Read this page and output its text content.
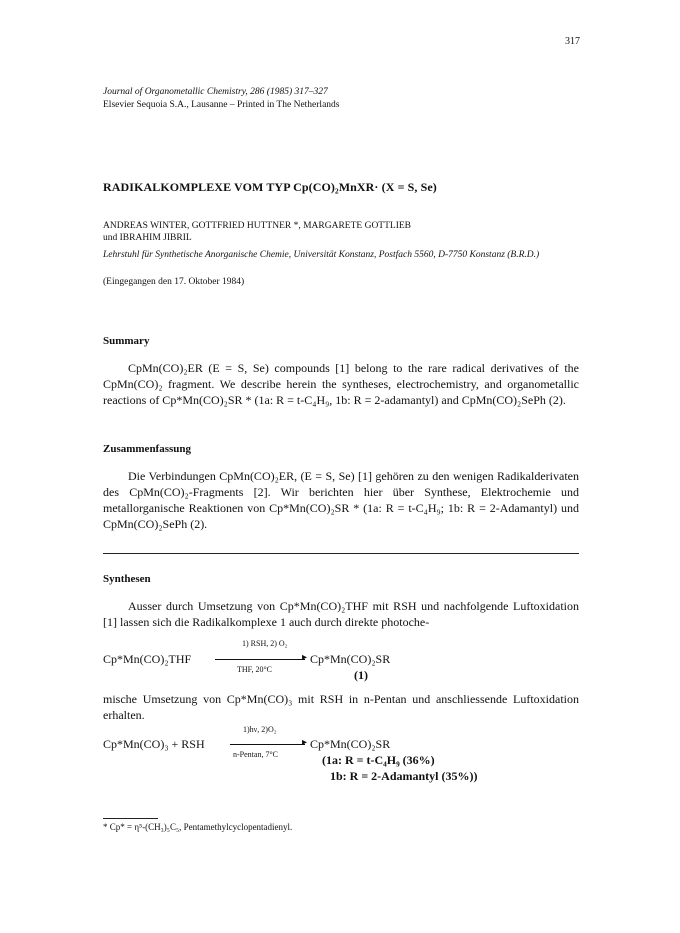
317
Journal of Organometallic Chemistry, 286 (1985) 317–327
Elsevier Sequoia S.A., Lausanne – Printed in The Netherlands
RADIKALKOMPLEXE VOM TYP Cp(CO)₂MnXR· (X = S, Se)
ANDREAS WINTER, GOTTFRIED HUTTNER *, MARGARETE GOTTLIEB
und IBRAHIM JIBRIL
Lehrstuhl für Synthetische Anorganische Chemie, Universität Konstanz, Postfach 5560, D-7750 Konstanz (B.R.D.)
(Eingegangen den 17. Oktober 1984)
Summary

CpMn(CO)₂ER (E = S, Se) compounds [1] belong to the rare radical derivatives of the CpMn(CO)₂ fragment. We describe herein the syntheses, electrochemistry, and organometallic reactions of Cp*Mn(CO)₂SR * (1a: R = t-C₄H₉, 1b: R = 2-adamantyl) and CpMn(CO)₂SePh (2).

Zusammenfassung

Die Verbindungen CpMn(CO)₂ER, (E = S, Se) [1] gehören zu den wenigen Radikalderivaten des CpMn(CO)₂-Fragments [2]. Wir berichten hier über Synthese, Elektrochemie und metallorganische Reaktionen von Cp*Mn(CO)₂SR * (1a: R = t-C₄H₉; 1b: R = 2-Adamantyl) und CpMn(CO)₂SePh (2).

Synthesen

Ausser durch Umsetzung von Cp*Mn(CO)₂THF mit RSH und nachfolgende Luftoxidation [1] lassen sich die Radikalkomplexe 1 auch durch direkte photoche-

Cp*Mn(CO)₂THF
1) RSH, 2) O₂
▸
THF, 20°C
Cp*Mn(CO)₂SR
(1)

mische Umsetzung von Cp*Mn(CO)₃ mit RSH in n-Pentan und anschliessende Luftoxidation erhalten.

Cp*Mn(CO)₃ + RSH
1)hν, 2)O₂
▸
n-Pentan, 7°C
Cp*Mn(CO)₂SR
(1a: R = t-C₄H₉ (36%)
1b: R = 2-Adamantyl (35%))
* Cp* = η⁵-(CH₃)₅C₅, Pentamethylcyclopentadienyl.
